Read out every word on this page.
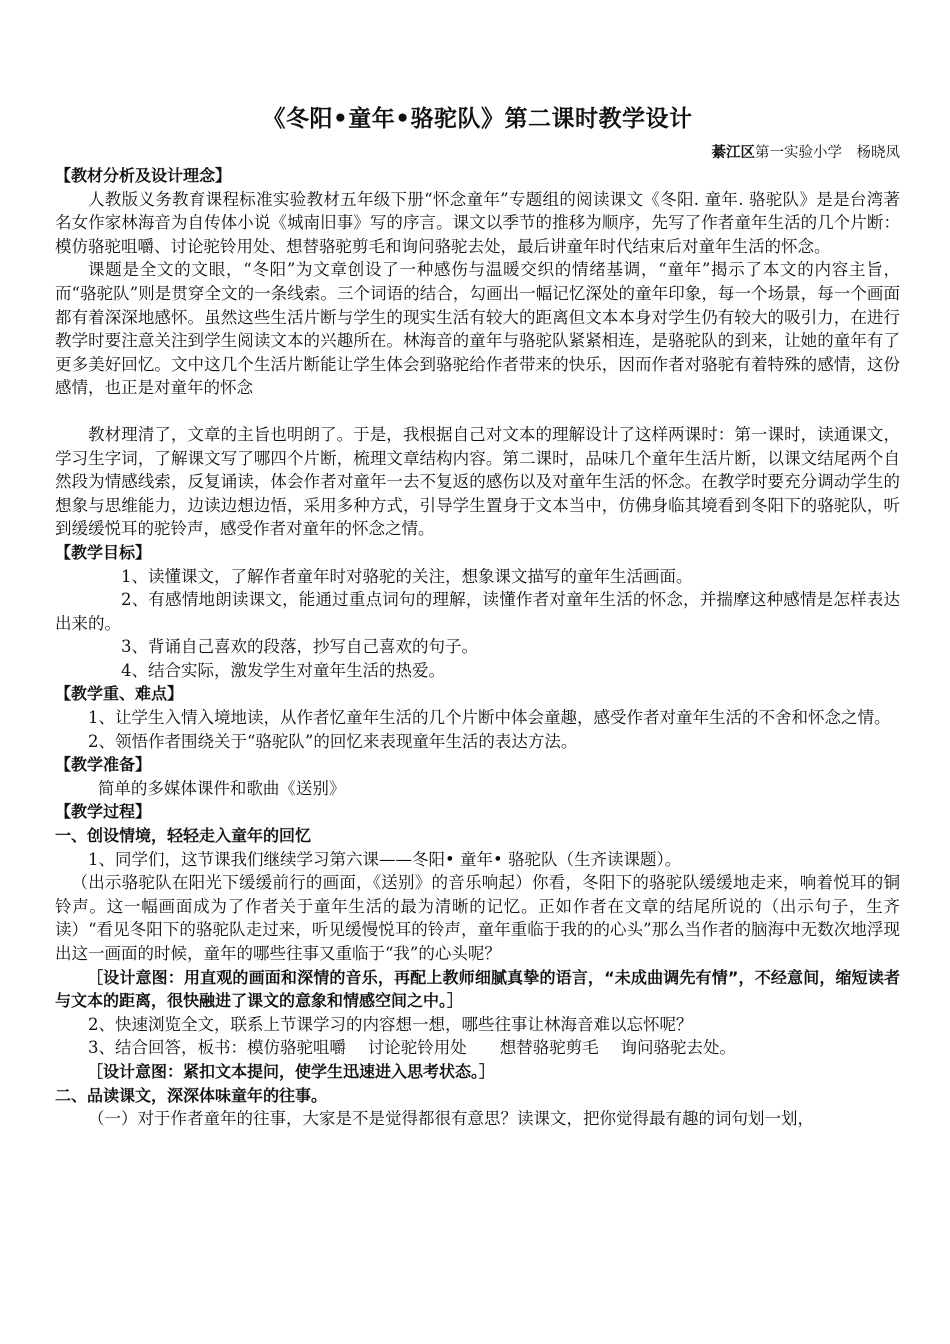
《冬阳•童年•骆驼队》第二课时教学设计
綦江区第一实验小学　杨晓凤

【教材分析及设计理念】

人教版义务教育课程标准实验教材五年级下册“怀念童年”专题组的阅读课文《冬阳. 童年. 骆驼队》是是台湾著名女作家林海音为自传体小说《城南旧事》写的序言。课文以季节的推移为顺序，先写了作者童年生活的几个片断：模仿骆驼咀嚼、讨论驼铃用处、想替骆驼剪毛和询问骆驼去处，最后讲童年时代结束后对童年生活的怀念。

课题是全文的文眼，“冬阳”为文章创设了一种感伤与温暖交织的情绪基调，“童年”揭示了本文的内容主旨，而“骆驼队”则是贯穿全文的一条线索。三个词语的结合，勾画出一幅记忆深处的童年印象，每一个场景，每一个画面都有着深深地感怀。虽然这些生活片断与学生的现实生活有较大的距离但文本本身对学生仍有较大的吸引力，在进行教学时要注意关注到学生阅读文本的兴趣所在。林海音的童年与骆驼队紧紧相连，是骆驼队的到来，让她的童年有了更多美好回忆。文中这几个生活片断能让学生体会到骆驼给作者带来的快乐，因而作者对骆驼有着特殊的感情，这份感情，也正是对童年的怀念

教材理清了，文章的主旨也明朗了。于是，我根据自己对文本的理解设计了这样两课时：第一课时，读通课文，学习生字词，了解课文写了哪四个片断，梳理文章结构内容。第二课时，品味几个童年生活片断，以课文结尾两个自然段为情感线索，反复诵读，体会作者对童年一去不复返的感伤以及对童年生活的怀念。在教学时要充分调动学生的想象与思维能力，边读边想边悟，采用多种方式，引导学生置身于文本当中，仿佛身临其境看到冬阳下的骆驼队，听到缓缓悦耳的驼铃声，感受作者对童年的怀念之情。

【教学目标】

1、读懂课文，了解作者童年时对骆驼的关注，想象课文描写的童年生活画面。

2、有感情地朗读课文，能通过重点词句的理解，读懂作者对童年生活的怀念，并揣摩这种感情是怎样表达出来的。

3、背诵自己喜欢的段落，抄写自己喜欢的句子。

4、结合实际，激发学生对童年生活的热爱。

【教学重、难点】

1、让学生入情入境地读，从作者忆童年生活的几个片断中体会童趣，感受作者对童年生活的不舍和怀念之情。

2、领悟作者围绕关于“骆驼队”的回忆来表现童年生活的表达方法。

【教学准备】

简单的多媒体课件和歌曲《送别》

【教学过程】

一、创设情境，轻轻走入童年的回忆

1、同学们，这节课我们继续学习第六课——冬阳• 童年• 骆驼队（生齐读课题）。

（出示骆驼队在阳光下缓缓前行的画面，《送别》的音乐响起）你看，冬阳下的骆驼队缓缓地走来，响着悦耳的铜铃声。这一幅画面成为了作者关于童年生活的最为清晰的记忆。正如作者在文章的结尾所说的（出示句子，生齐读）“看见冬阳下的骆驼队走过来，听见缓慢悦耳的铃声，童年重临于我的的心头”那么当作者的脑海中无数次地浮现出这一画面的时候，童年的哪些往事又重临于“我”的心头呢？

［设计意图：用直观的画面和深情的音乐，再配上教师细腻真挚的语言，“未成曲调先有情”，不经意间，缩短读者与文本的距离，很快融进了课文的意象和情感空间之中。］

2、快速浏览全文，联系上节课学习的内容想一想，哪些往事让林海音难以忘怀呢？

3、结合回答，板书：模仿骆驼咀嚼　 讨论驼铃用处　　想替骆驼剪毛　 询问骆驼去处。

［设计意图：紧扣文本提问，使学生迅速进入思考状态。］

二、品读课文，深深体味童年的往事。

（一）对于作者童年的往事，大家是不是觉得都很有意思？读课文，把你觉得最有趣的词句划一划，
